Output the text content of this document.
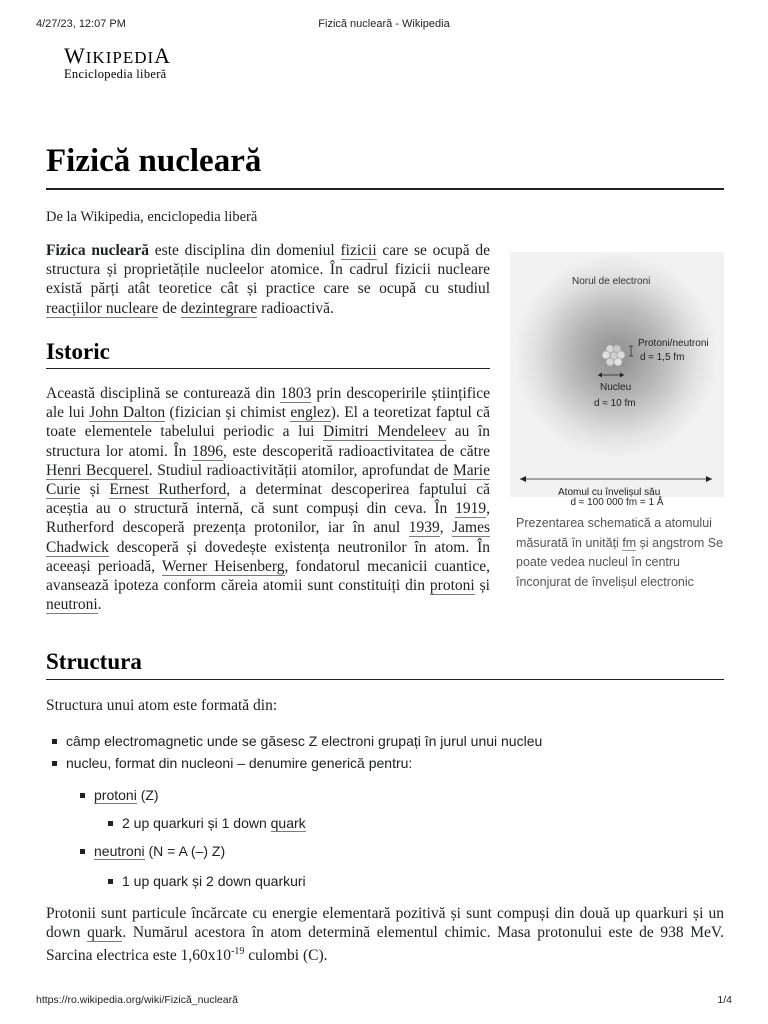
4/27/23, 12:07 PM	Fizică nucleară - Wikipedia
WIKIPEDIA
Enciclopedia liberă
Fizică nucleară
De la Wikipedia, enciclopedia liberă

Fizica nucleară este disciplina din domeniul fizicii care se ocupă de structura și proprietățile nucleelor atomice. În cadrul fizicii nucleare există părți atât teoretice cât și practice care se ocupă cu studiul reacțiilor nucleare de dezintegrare radioactivă.

Istoric

Această disciplină se conturează din 1803 prin descoperirile științifice ale lui John Dalton (fizician și chimist englez). El a teoretizat faptul că toate elementele tabelului periodic a lui Dimitri Mendeleev au în structura lor atomi. În 1896, este descoperită radioactivitatea de către Henri Becquerel. Studiul radioactivității atomilor, aprofundat de Marie Curie și Ernest Rutherford, a determinat descoperirea faptului că aceștia au o structură internă, că sunt compuși din ceva. În 1919, Rutherford descoperă prezența protonilor, iar în anul 1939, James Chadwick descoperă și dovedește existența neutronilor în atom. În aceeași perioadă, Werner Heisenberg, fondatorul mecanicii cuantice, avansează ipoteza conform căreia atomii sunt constituiți din protoni și neutroni.

Norul de electroni
Protoni/neutroni
d ≈ 1,5 fm
Nucleu
d ≈ 10 fm
Atomul cu învelișul său
d ≈ 100 000 fm = 1 Å

Prezentarea schematică a atomului măsurată în unități fm și angstrom Se poate vedea nucleul în centru înconjurat de învelișul electronic

Structura

Structura unui atom este formată din:

câmp electromagnetic unde se găsesc Z electroni grupați în jurul unui nucleu
nucleu, format din nucleoni – denumire generică pentru:
protoni (Z)
2 up quarkuri și 1 down quark
neutroni (N = A (–) Z)
1 up quark și 2 down quarkuri

Protonii sunt particule încărcate cu energie elementară pozitivă și sunt compuși din două up quarkuri și un down quark. Numărul acestora în atom determină elementul chimic. Masa protonului este de 938 MeV. Sarcina electrica este $1,60x10^{-19}$ culombi (C).

https://ro.wikipedia.org/wiki/Fizică_nucleară	1/4
